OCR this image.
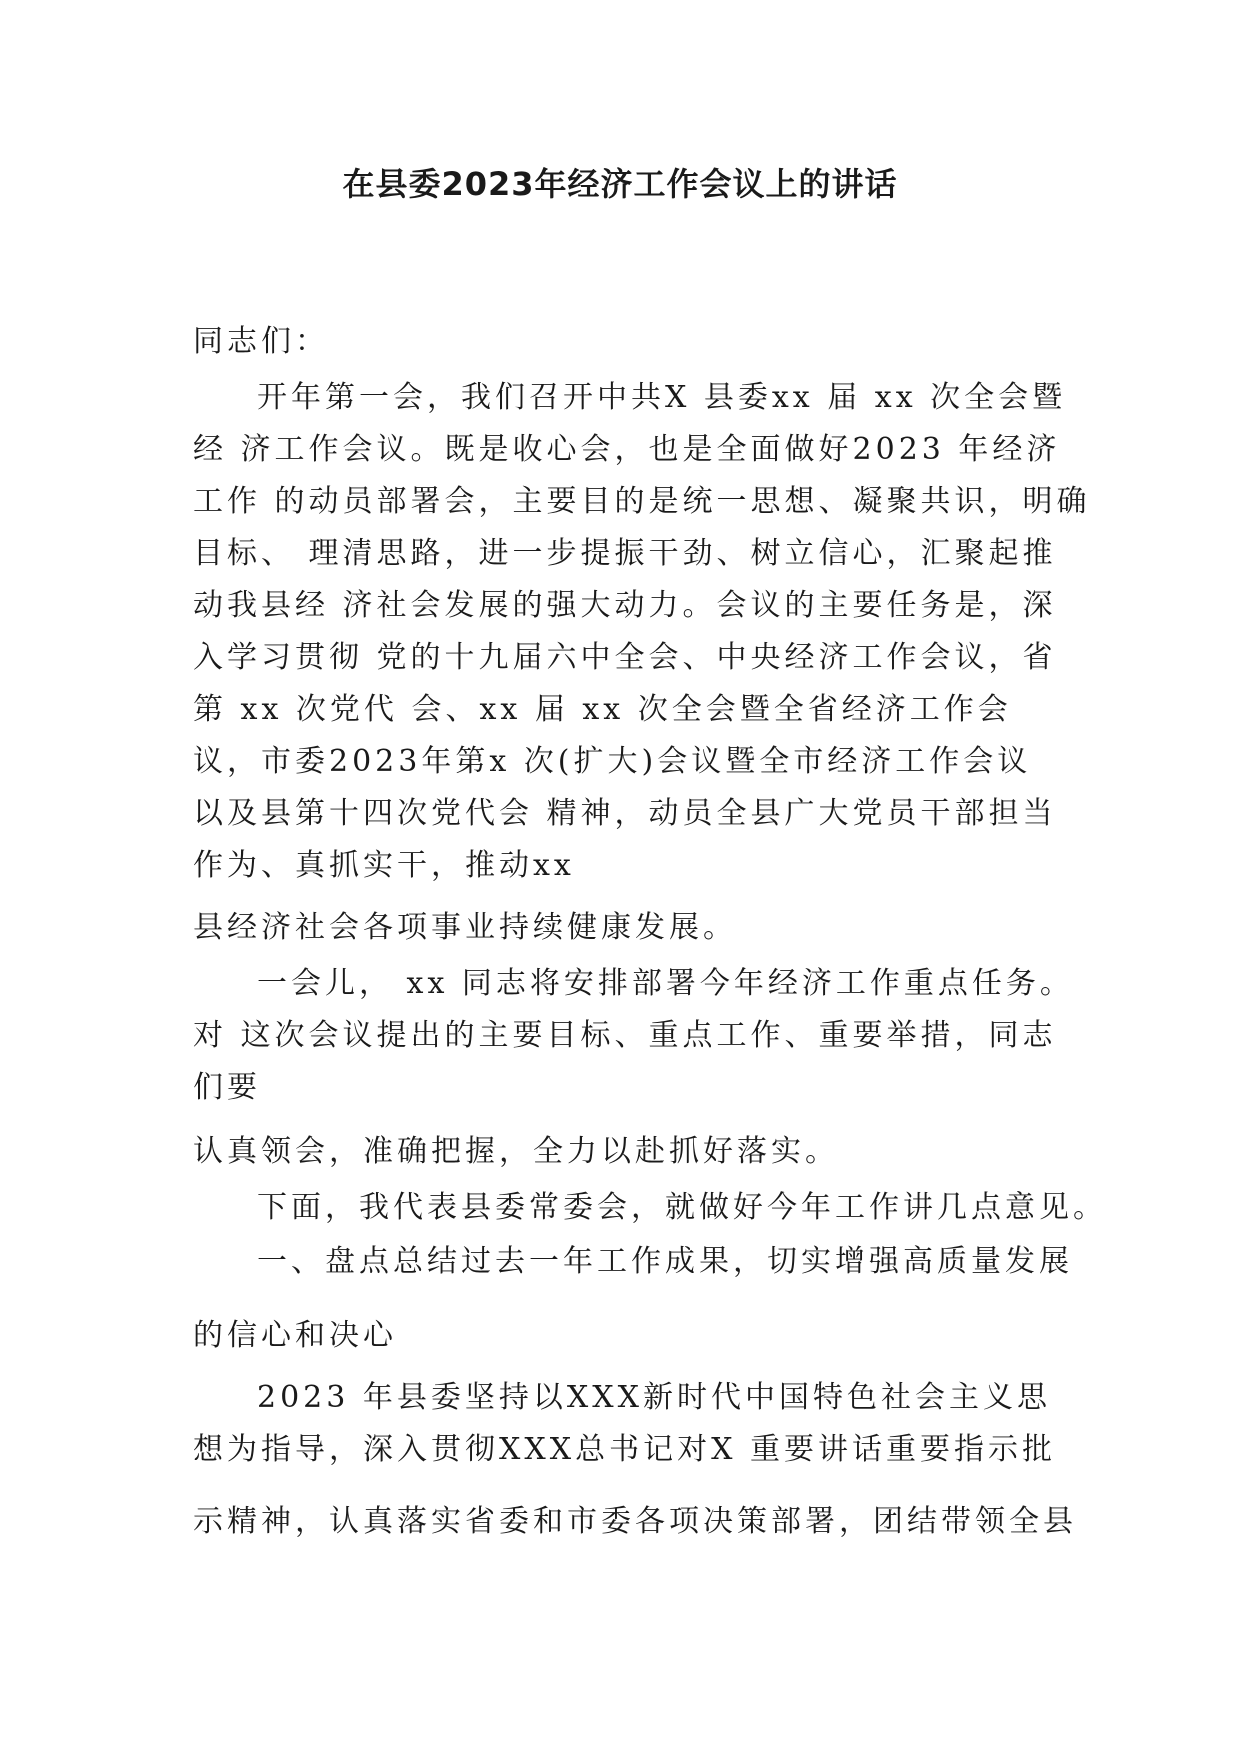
在县委2023年经济工作会议上的讲话
同志们：
开年第一会，我们召开中共X 县委xx 届 xx 次全会暨
经 济工作会议。既是收心会，也是全面做好2023 年经济
工作 的动员部署会，主要目的是统一思想、凝聚共识，明确
目标、 理清思路，进一步提振干劲、树立信心，汇聚起推
动我县经 济社会发展的强大动力。会议的主要任务是，深
入学习贯彻 党的十九届六中全会、中央经济工作会议，省
第 xx 次党代 会、xx 届 xx 次全会暨全省经济工作会
议，市委2023年第x 次(扩大)会议暨全市经济工作会议
以及县第十四次党代会 精神，动员全县广大党员干部担当
作为、真抓实干，推动xx
县经济社会各项事业持续健康发展。
一会儿， xx 同志将安排部署今年经济工作重点任务。
对 这次会议提出的主要目标、重点工作、重要举措，同志
们要
认真领会，准确把握，全力以赴抓好落实。
下面，我代表县委常委会，就做好今年工作讲几点意见。
一、盘点总结过去一年工作成果，切实增强高质量发展
的信心和决心
2023 年县委坚持以XXX新时代中国特色社会主义思
想为指导，深入贯彻XXX总书记对X 重要讲话重要指示批
示精神，认真落实省委和市委各项决策部署，团结带领全县
